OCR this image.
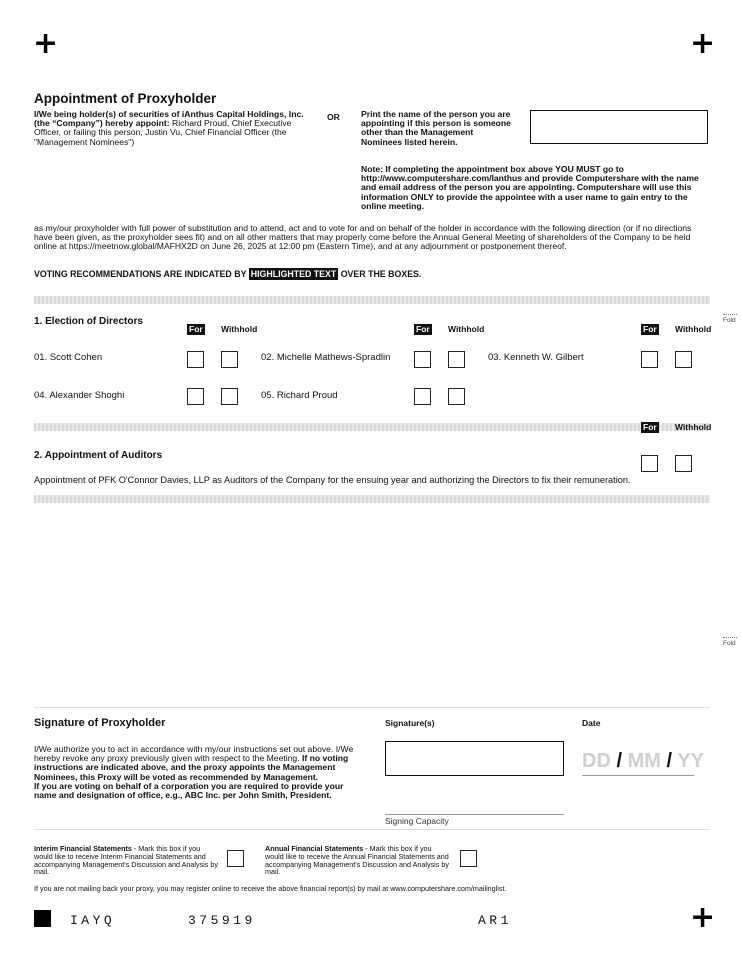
+	+
+
Appointment of Proxyholder
I/We being holder(s) of securities of iAnthus Capital Holdings, Inc. (the “Company”) hereby appoint: Richard Proud, Chief Executive Officer, or failing this person, Justin Vu, Chief Financial Officer (the "Management Nominees")
OR Print the name of the person you are appointing if this person is someone other than the Management Nominees listed herein.
Note: If completing the appointment box above YOU MUST go to http://www.computershare.com/Ianthus and provide Computershare with the name and email address of the person you are appointing. Computershare will use this information ONLY to provide the appointee with a user name to gain entry to the online meeting.
as my/our proxyholder with full power of substitution and to attend, act and to vote for and on behalf of the holder in accordance with the following direction (or if no directions have been given, as the proxyholder sees fit) and on all other matters that may properly come before the Annual General Meeting of shareholders of the Company to be held online at https://meetnow.global/MAFHX2D on June 26, 2025 at 12:00 pm (Eastern Time), and at any adjournment or postponement thereof.
VOTING RECOMMENDATIONS ARE INDICATED BY HIGHLIGHTED TEXT OVER THE BOXES.
1. Election of Directors
For Withhold	For Withhold	For Withhold
01. Scott Cohen	02. Michelle Mathews-Spradlin	03. Kenneth W. Gilbert
04. Alexander Shoghi	05. Richard Proud
For Withhold
2. Appointment of Auditors
Appointment of PFK O'Connor Davies, LLP as Auditors of the Company for the ensuing year and authorizing the Directors to fix their remuneration.
Fold
Fold
Signature of Proxyholder
I/We authorize you to act in accordance with my/our instructions set out above. I/We hereby revoke any proxy previously given with respect to the Meeting. If no voting instructions are indicated above, and the proxy appoints the Management Nominees, this Proxy will be voted as recommended by Management.
If you are voting on behalf of a corporation you are required to provide your name and designation of office, e.g., ABC Inc. per John Smith, President.
Signature(s)
Signing Capacity
Date
DD / MM / YY
Interim Financial Statements - Mark this box if you would like to receive Interim Financial Statements and accompanying Management's Discussion and Analysis by mail.
Annual Financial Statements - Mark this box if you would like to receive the Annual Financial Statements and accompanying Management's Discussion and Analysis by mail.
If you are not mailing back your proxy, you may register online to receive the above financial report(s) by mail at www.computershare.com/mailinglist.
IAYQ	375919	AR1
